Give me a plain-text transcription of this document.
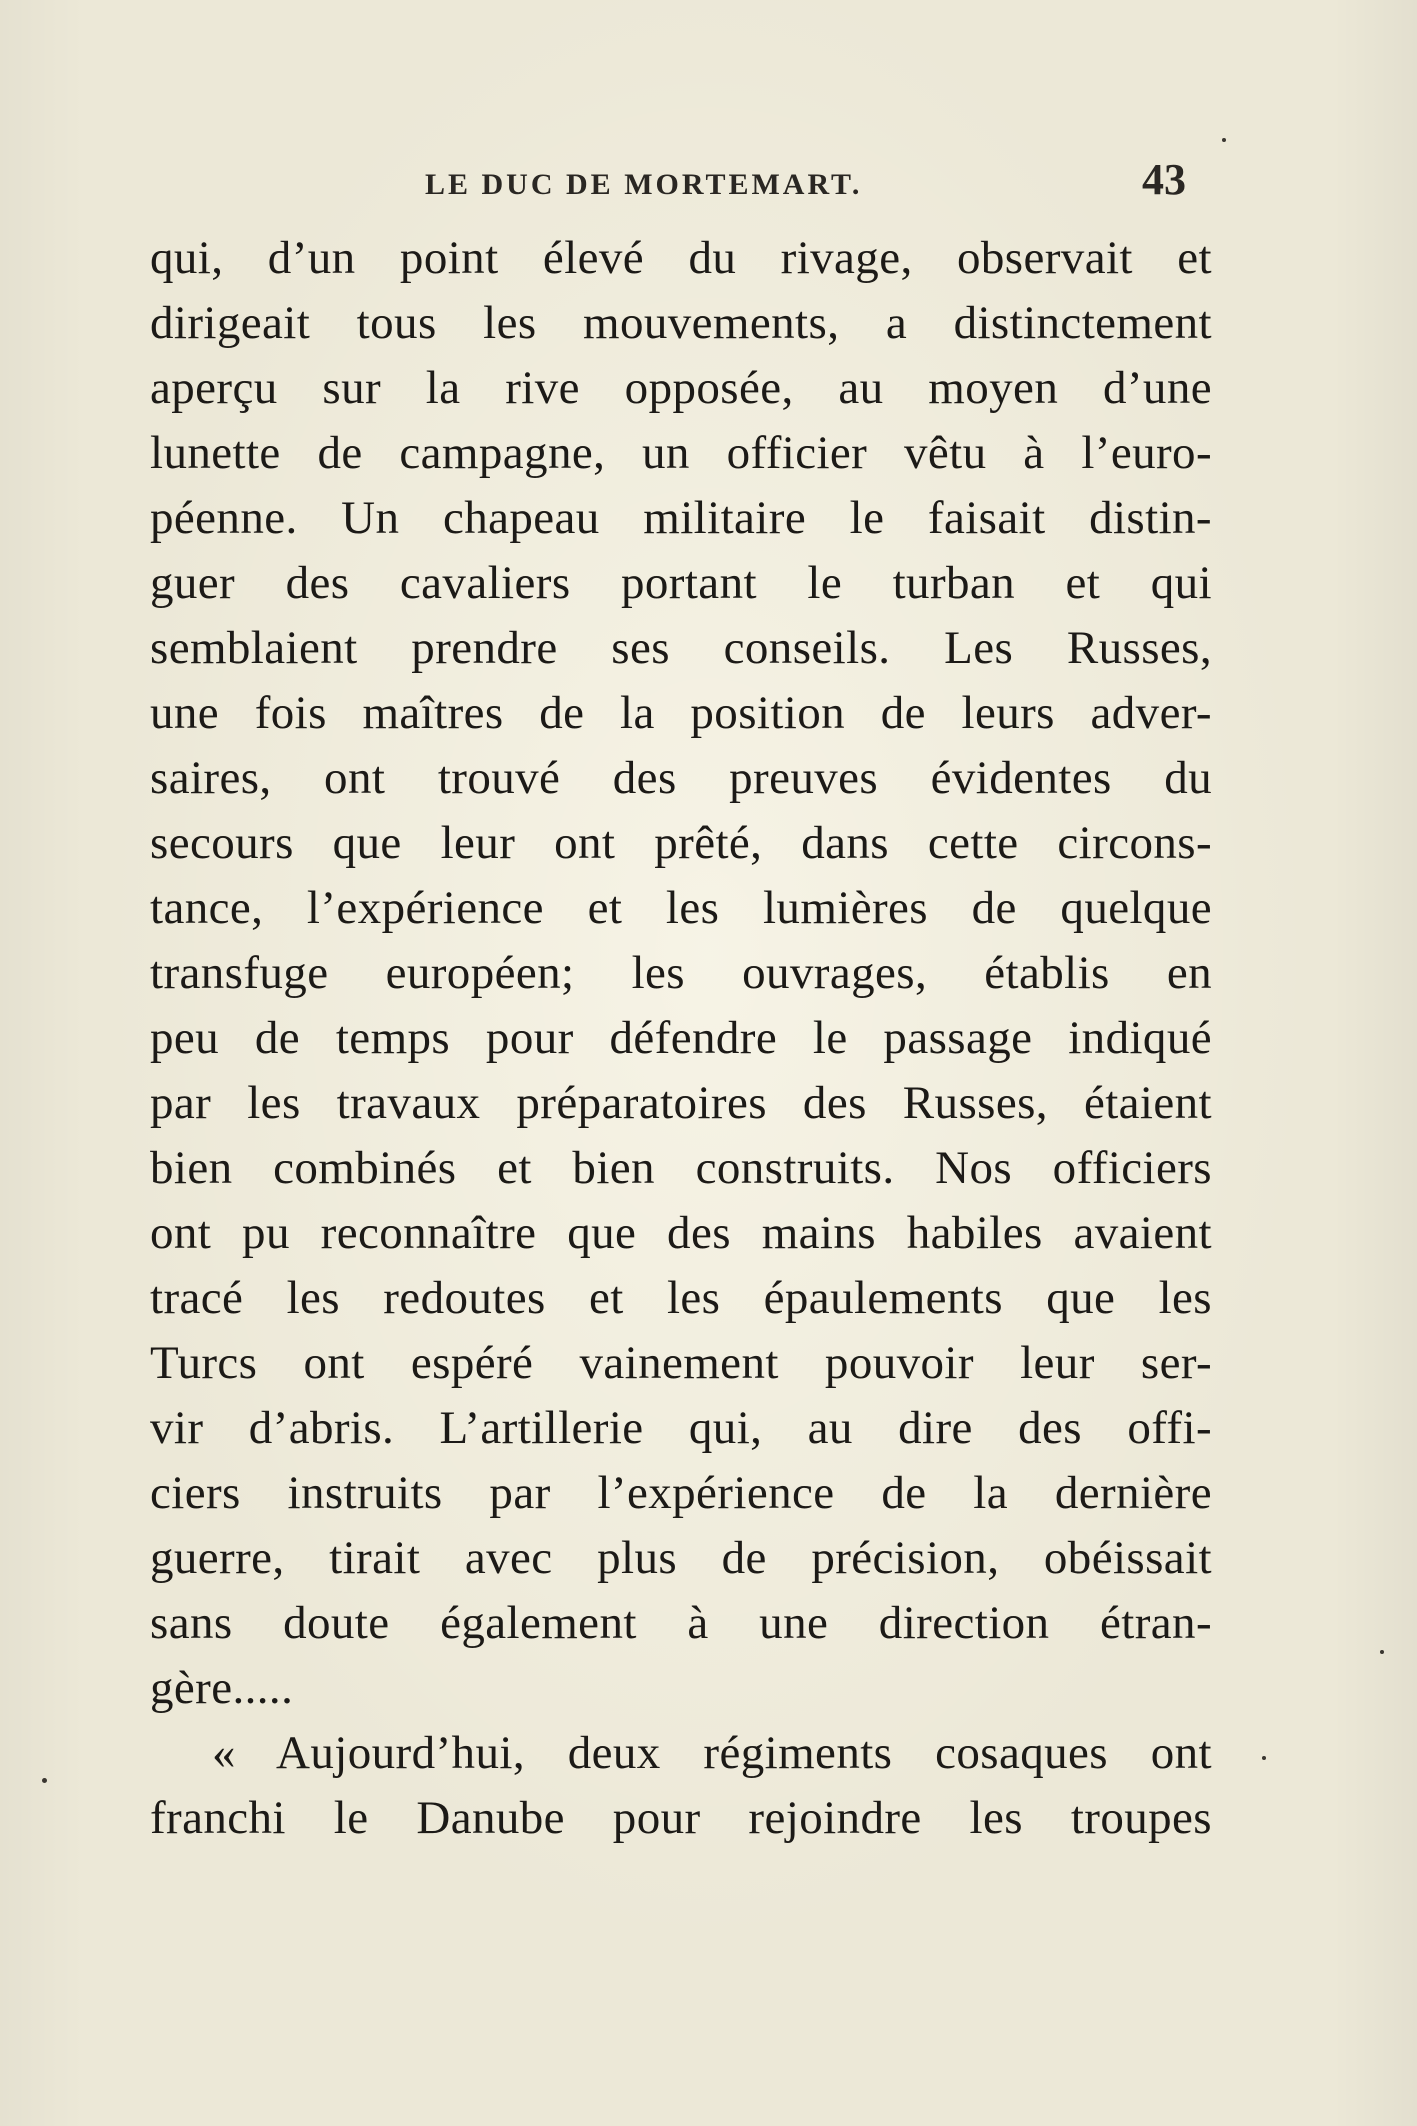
LE DUC DE MORTEMART.	43
qui, d’un point élevé du rivage, observait et
dirigeait tous les mouvements, a distinctement
aperçu sur la rive opposée, au moyen d’une
lunette de campagne, un officier vêtu à l’euro-
péenne. Un chapeau militaire le faisait distin-
guer des cavaliers portant le turban et qui
semblaient prendre ses conseils. Les Russes,
une fois maîtres de la position de leurs adver-
saires, ont trouvé des preuves évidentes du
secours que leur ont prêté, dans cette circons-
tance, l’expérience et les lumières de quelque
transfuge européen; les ouvrages, établis en
peu de temps pour défendre le passage indiqué
par les travaux préparatoires des Russes, étaient
bien combinés et bien construits. Nos officiers
ont pu reconnaître que des mains habiles avaient
tracé les redoutes et les épaulements que les
Turcs ont espéré vainement pouvoir leur ser-
vir d’abris. L’artillerie qui, au dire des offi-
ciers instruits par l’expérience de la dernière
guerre, tirait avec plus de précision, obéissait
sans doute également à une direction étran-
gère.....
« Aujourd’hui, deux régiments cosaques ont
franchi le Danube pour rejoindre les troupes
